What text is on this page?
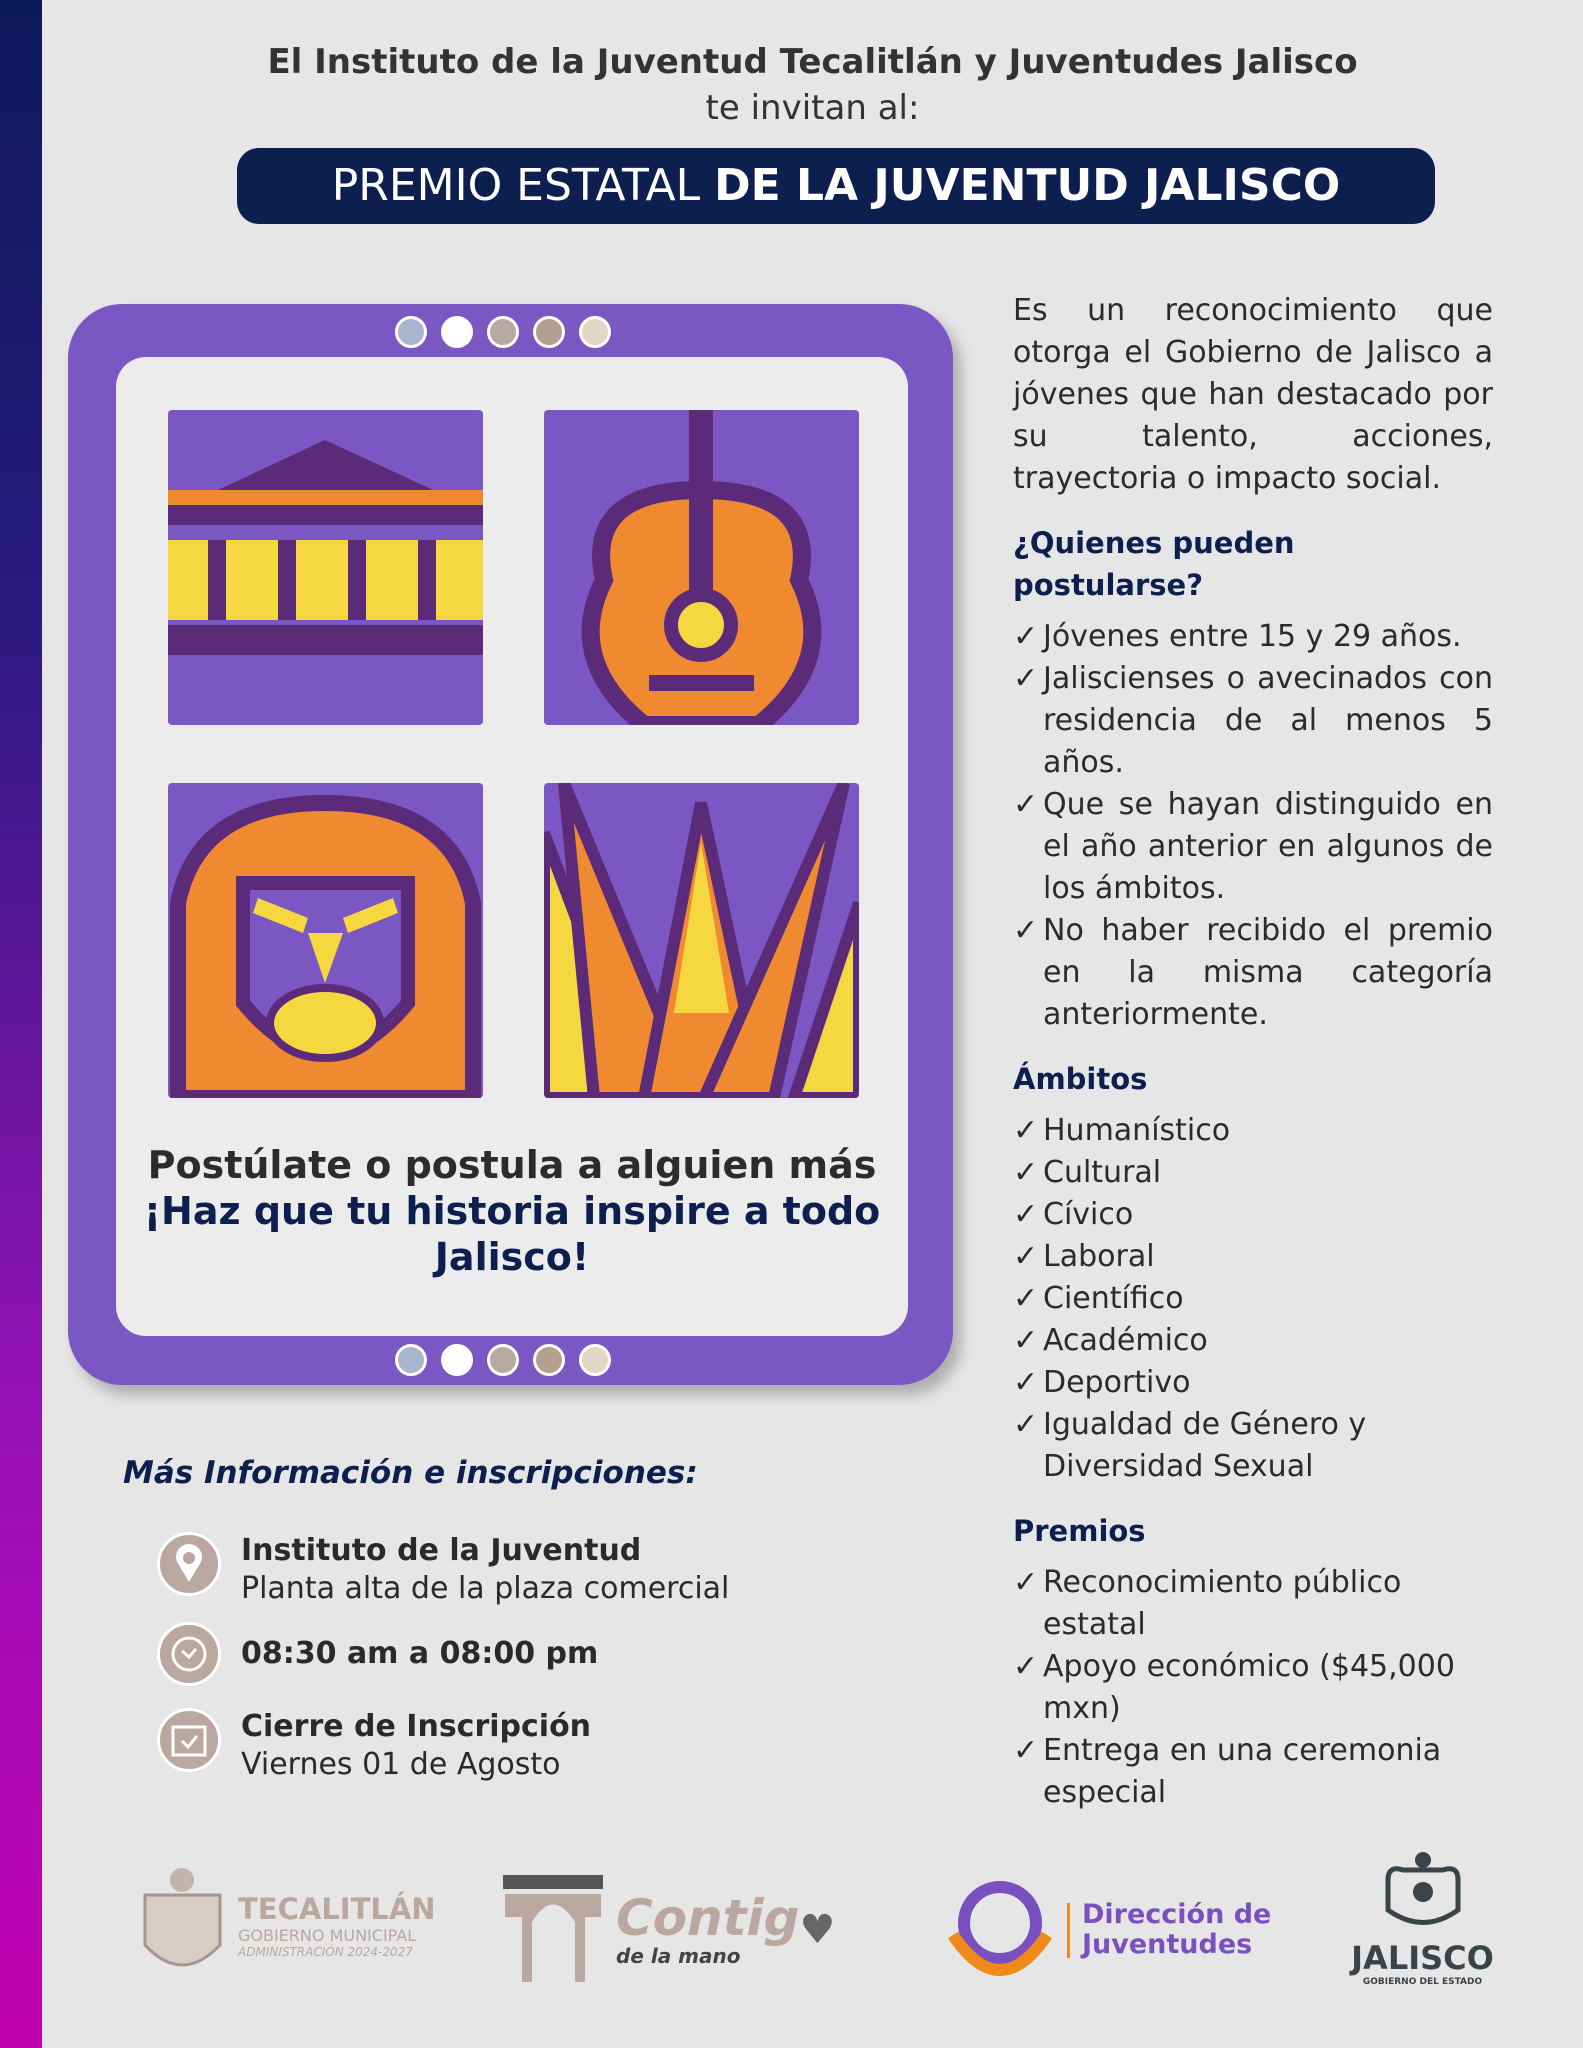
El Instituto de la Juventud Tecalitlán y Juventudes Jalisco
te invitan al:
PREMIO ESTATAL DE LA JUVENTUD JALISCO
Postúlate o postula a alguien más
¡Haz que tu historia inspire a todo Jalisco!

Es un reconocimiento que otorga el Gobierno de Jalisco a jóvenes que han destacado por su talento, acciones, trayectoria o impacto social.

¿Quienes pueden postularse?
✓ Jóvenes entre 15 y 29 años.
✓ Jaliscienses o avecinados con residencia de al menos 5 años.
✓ Que se hayan distinguido en el año anterior en algunos de los ámbitos.
✓ No haber recibido el premio en la misma categoría anteriormente.
Ámbitos
✓ Humanístico
✓ Cultural
✓ Cívico
✓ Laboral
✓ Científico
✓ Académico
✓ Deportivo
✓ Igualdad de Género y Diversidad Sexual
Premios
✓ Reconocimiento público estatal
✓ Apoyo económico ($45,000 mxn)
✓ Entrega en una ceremonia especial
Más Información e inscripciones:
Instituto de la Juventud
Planta alta de la plaza comercial
08:30 am a 08:00 pm
Cierre de Inscripción
Viernes 01 de Agosto
TECALITLÁN
GOBIERNO MUNICIPAL
ADMINISTRACIÓN 2024-2027
Contig
de la mano
♥	Dirección de
Juventudes	JALISCO
GOBIERNO DEL ESTADO
